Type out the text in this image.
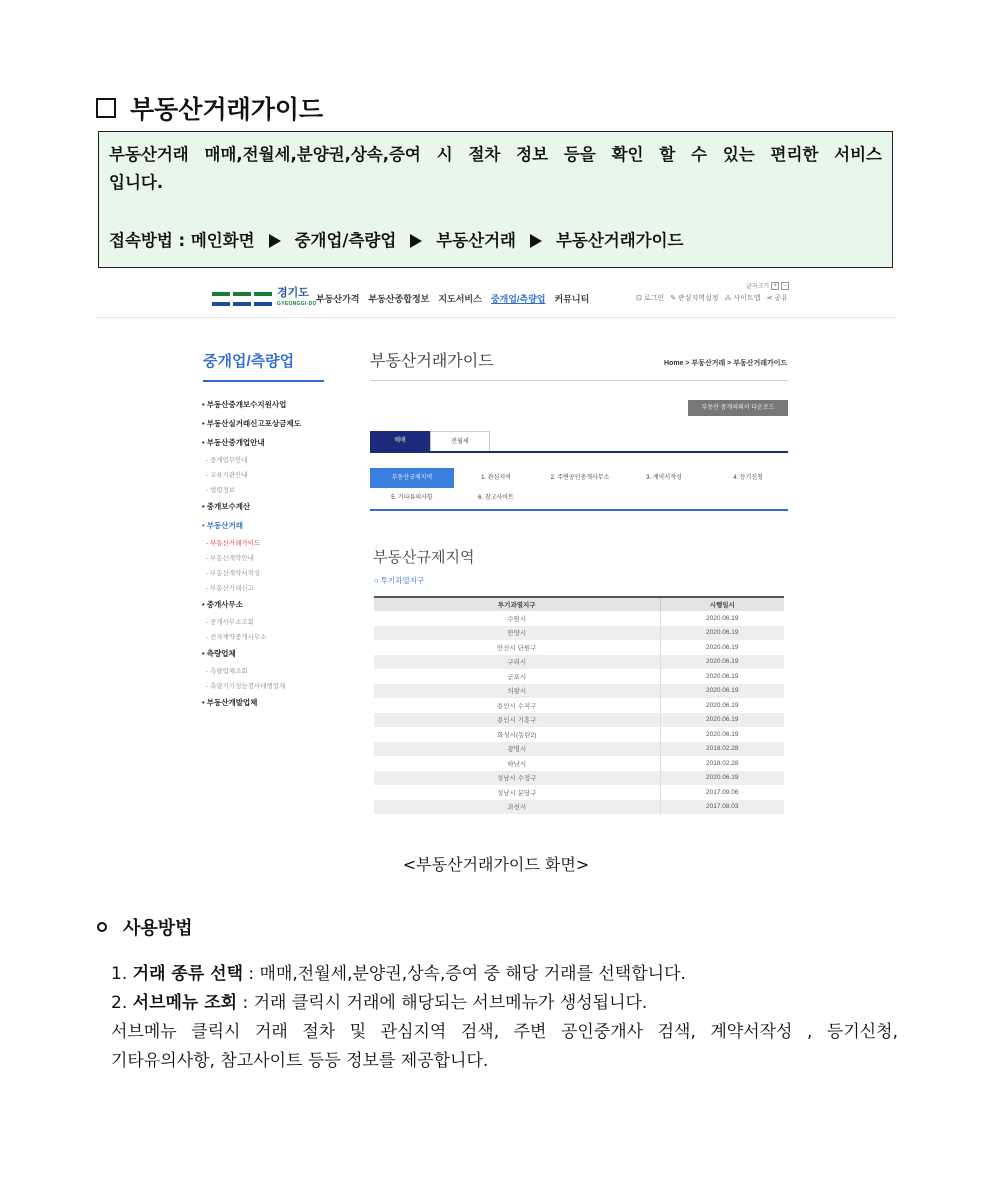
부동산거래가이드
부동산거래 매매,전월세,분양권,상속,증여 시 절차 정보 등을 확인 할 수 있는 편리한 서비스
입니다.
접속방법 : 메인화면 중개업/측량업 부동산거래 부동산거래가이드
경기도
GYEONGGI-DO 부동산가격 부동산종합정보 지도서비스 중개업/측량업 커뮤니티
글자크기 +	−
⊡ 로그인 ✎ 관심지역설정 ⁂ 사이트맵 ⋖ 공유
중개업/측량업
• 부동산중개보수지원사업
• 부동산실거래신고포상금제도
• 부동산중개업안내
- 중개업무안내
- 교육기관안내
- 법령정보
• 중개보수계산
• 부동산거래
- 부동산거래가이드
- 부동산계약안내
- 부동산계약서작성
- 부동산거래신고
• 중개사무소
- 중개사무소조회
- 전자계약중개사무소
• 측량업체
- 측량업체조회
- 측량기기성능검사대행업체
• 부동산개발업체
부동산거래가이드	Home > 부동산거래 > 부동산거래가이드
부동산 중개의뢰서 다운로드
매매	전월세
부동산규제지역	1. 관심지역	2. 주변공인중개사무소	3. 계약서작성	4. 등기신청
5. 기타유의사항	6. 참고사이트
부동산규제지역
○ 투기과열지구
투기과열지구	시행일시
수원시	2020.06.19
안양시	2020.06.19
안산시 단원구	2020.06.19
구리시	2020.06.19
군포시	2020.06.19
의왕시	2020.06.19
용인시 수지구	2020.06.19
용인시 기흥구	2020.06.19
화성시(동탄2)	2020.06.19
광명시	2018.02.28
하남시	2018.02.28
성남시 수정구	2020.06.19
성남시 분당구	2017.09.06
과천시	2017.08.03
<부동산거래가이드 화면>
사용방법
1. 거래 종류 선택 : 매매,전월세,분양권,상속,증여 중 해당 거래를 선택합니다.
2. 서브메뉴 조회 : 거래 클릭시 거래에 해당되는 서브메뉴가 생성됩니다.
서브메뉴 클릭시 거래 절차 및 관심지역 검색, 주변 공인중개사 검색, 계약서작성 , 등기신청,
기타유의사항, 참고사이트 등등 정보를 제공합니다.
